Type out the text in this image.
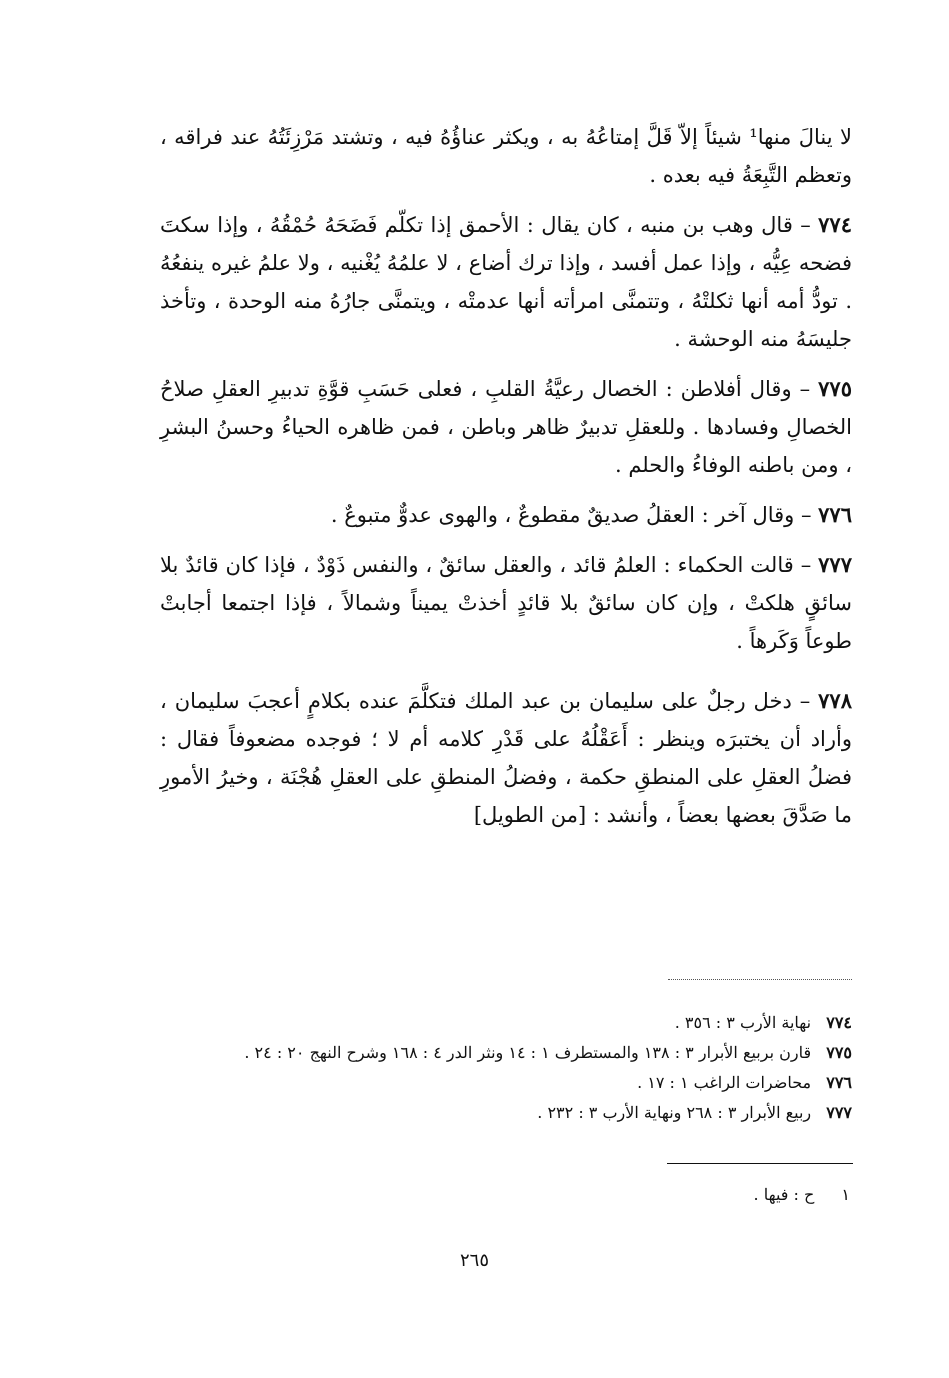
لا ينالَ منها¹ شيئاً إلاّ قَلَّ إمتاعُهُ به ، ويكثر عناؤُهُ فيه ، وتشتد مَرْزِئَتُهُ عند فراقه ، وتعظم التَّبِعَةُ فيه بعده .

٧٧٤ – قال وهب بن منبه ، كان يقال : الأحمق إذا تكلّم فَضَحَهُ حُمْقُهُ ، وإذا سكتَ فضحه عِيُّه ، وإذا عمل أفسد ، وإذا ترك أضاع ، لا علمُهُ يُغْنيه ، ولا علمُ غيره ينفعُهُ . تودُّ أمه أنها ثكلتْهُ ، وتتمنَّى امرأته أنها عدمتْه ، ويتمنَّى جارُهُ منه الوحدة ، وتأخذ جليسَهُ منه الوحشة .

٧٧٥ – وقال أفلاطن : الخصال رعيَّةُ القلبِ ، فعلى حَسَبِ قوَّةِ تدبيرِ العقلِ صلاحُ الخصالِ وفسادها . وللعقلِ تدبيرٌ ظاهر وباطن ، فمن ظاهره الحياءُ وحسنُ البشرِ ، ومن باطنه الوفاءُ والحلم .

٧٧٦ – وقال آخر : العقلُ صديقٌ مقطوعٌ ، والهوى عدوٌّ متبوعٌ .

٧٧٧ – قالت الحكماء : العلمُ قائد ، والعقل سائقٌ ، والنفس ذَوْدٌ ، فإذا كان قائدٌ بلا سائقٍ هلكتْ ، وإن كان سائقٌ بلا قائدٍ أخذتْ يميناً وشمالاً ، فإذا اجتمعا أجابتْ طوعاً وَكَرهاً .

٧٧٨ – دخل رجلٌ على سليمان بن عبد الملك فتكلَّمَ عنده بكلامٍ أعجبَ سليمان ، وأراد أن يختبرَه وينظر : أَعَقْلُهُ على قَدْرِ كلامه أم لا ؛ فوجده مضعوفاً فقال : فضلُ العقلِ على المنطقِ حكمة ، وفضلُ المنطقِ على العقلِ هُجْنَة ، وخيرُ الأمورِ ما صَدَّقَ بعضها بعضاً ، وأنشد : [من الطويل]

٧٧٤ نهاية الأرب ٣ : ٣٥٦ .
٧٧٥ قارن بربيع الأبرار ٣ : ١٣٨ والمستطرف ١ : ١٤ ونثر الدر ٤ : ١٦٨ وشرح النهج ٢٠ : ٢٤ .
٧٧٦ محاضرات الراغب ١ : ١٧ .
٧٧٧ ربيع الأبرار ٣ : ٢٦٨ ونهاية الأرب ٣ : ٢٣٢ .
١ ح : فيها .
٢٦٥
